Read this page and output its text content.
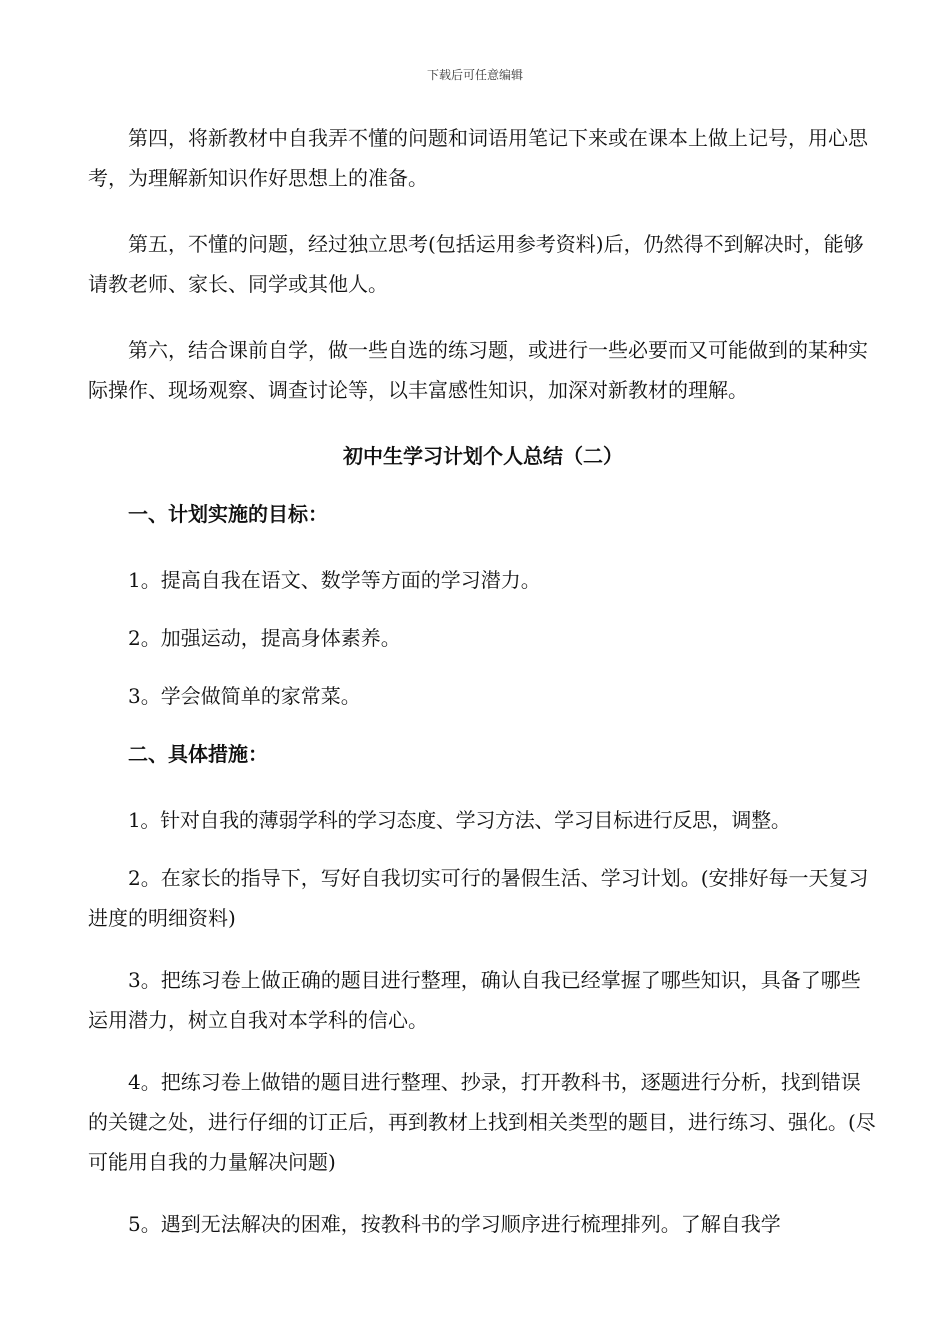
下载后可任意编辑

第四，将新教材中自我弄不懂的问题和词语用笔记下来或在课本上做上记号，用心思考，为理解新知识作好思想上的准备。

第五，不懂的问题，经过独立思考(包括运用参考资料)后，仍然得不到解决时，能够请教老师、家长、同学或其他人。

第六，结合课前自学，做一些自选的练习题，或进行一些必要而又可能做到的某种实际操作、现场观察、调查讨论等，以丰富感性知识，加深对新教材的理解。

初中生学习计划个人总结（二）

一、计划实施的目标：

1。提高自我在语文、数学等方面的学习潜力。

2。加强运动，提高身体素养。

3。学会做简单的家常菜。

二、具体措施：

1。针对自我的薄弱学科的学习态度、学习方法、学习目标进行反思，调整。

2。在家长的指导下，写好自我切实可行的暑假生活、学习计划。(安排好每一天复习进度的明细资料)

3。把练习卷上做正确的题目进行整理，确认自我已经掌握了哪些知识，具备了哪些运用潜力，树立自我对本学科的信心。

4。把练习卷上做错的题目进行整理、抄录，打开教科书，逐题进行分析，找到错误的关键之处，进行仔细的订正后，再到教材上找到相关类型的题目，进行练习、强化。(尽可能用自我的力量解决问题)

5。遇到无法解决的困难，按教科书的学习顺序进行梳理排列。了解自我学
